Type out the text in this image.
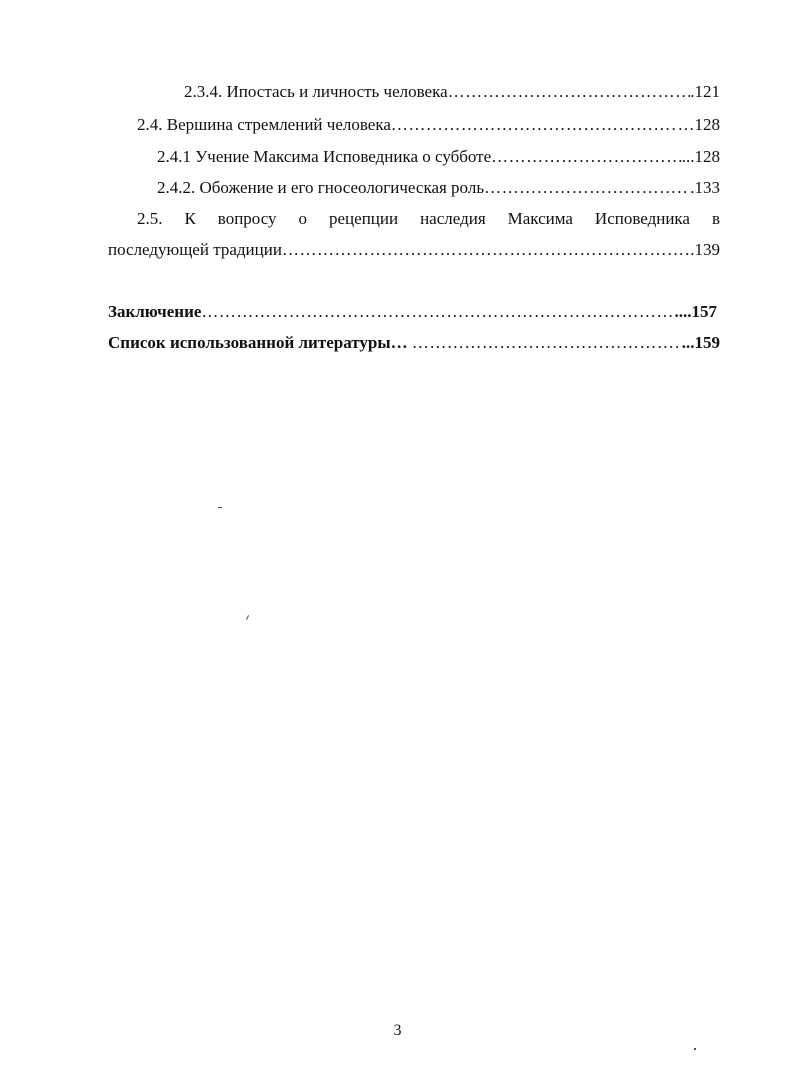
2.3.4. Ипостась и личность человека ……………………………………………………………………………………………………………………………………………………………………	.121
2.4. Вершина стремлений человека ……………………………………………………………………………………………………………………………………………………………………	…128
2.4.1 Учение Максима Исповедника о субботе ……………………………………………………………………………………………………………………………………………………………………	...128
2.4.2. Обожение и его гносеологическая роль ……………………………………………………………………………………………………………………………………………………………………	.133
2.5. К вопросу о рецепции наследия Максима Исповедника в
последующей традиции ……………………………………………………………………………………………………………………………………………………………………	.139
Заключение ……………………………………………………………………………………………………………………………………………………………………	....157
Список использованной литературы… ……………………………………………………………………………………………………………………………………………………………………	...159
3
